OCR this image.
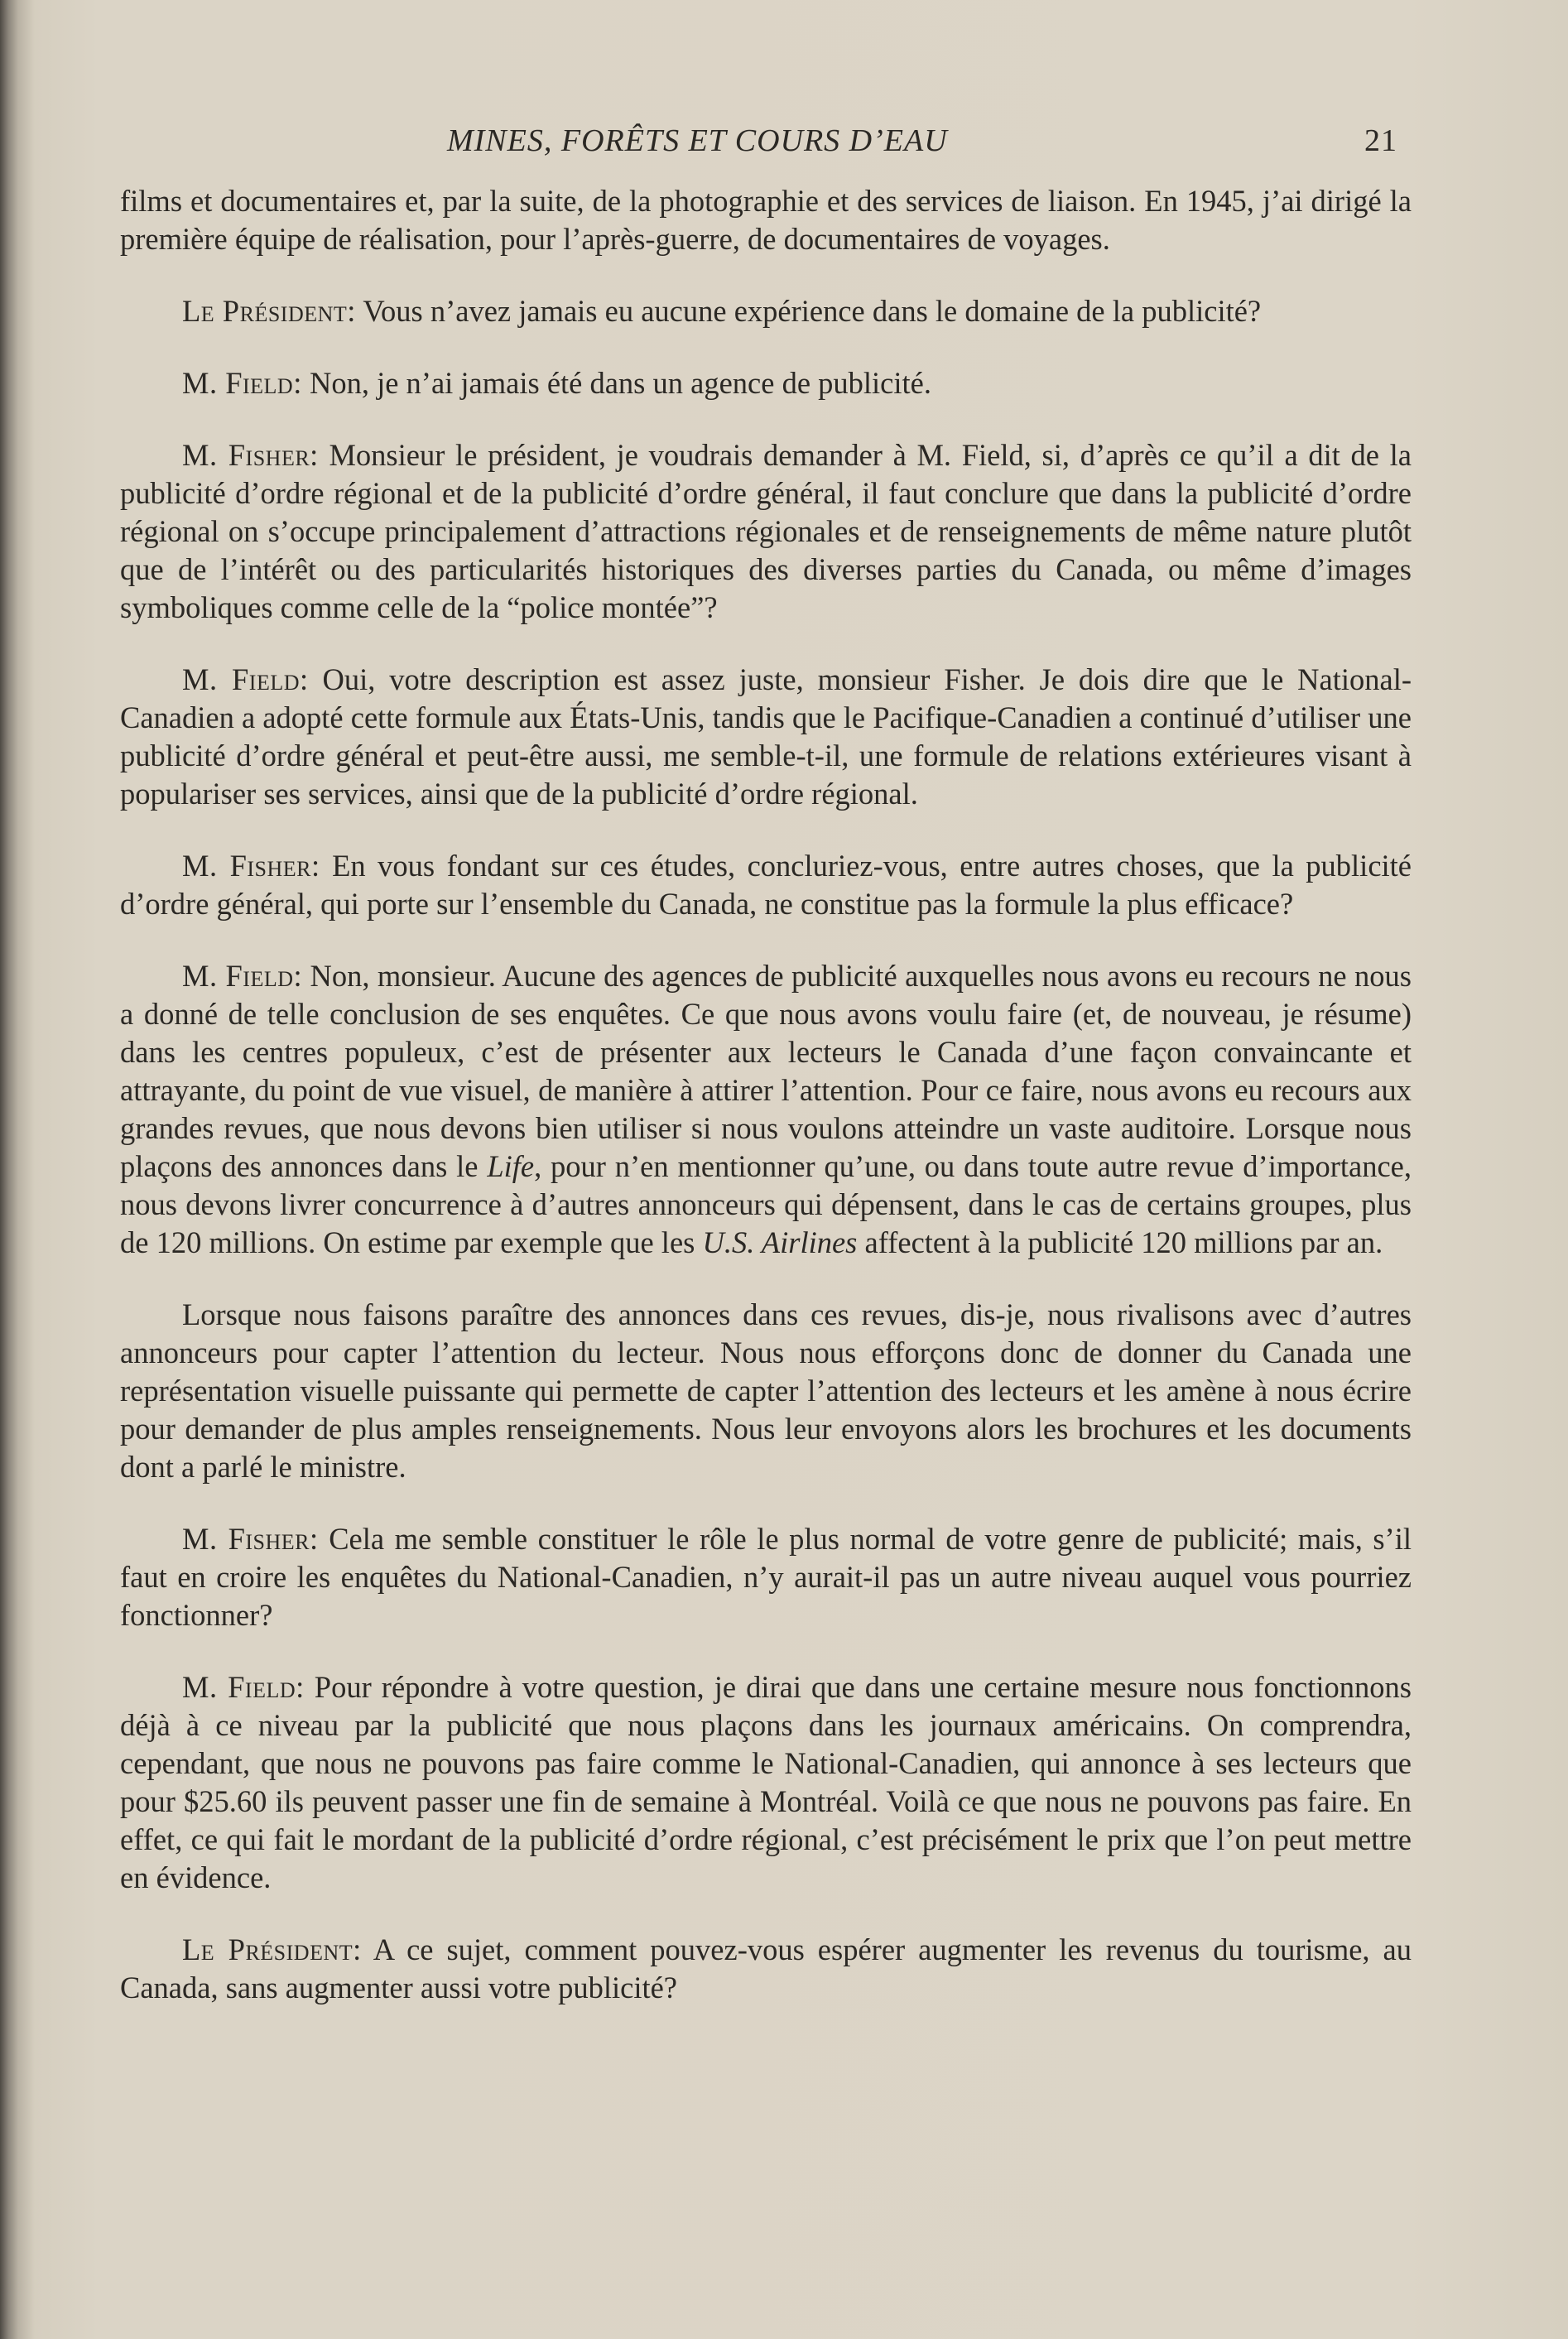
MINES, FORÊTS ET COURS D’EAU	21

films et documentaires et, par la suite, de la photographie et des services de liaison. En 1945, j’ai dirigé la première équipe de réalisation, pour l’après-guerre, de documentaires de voyages.

Le Président: Vous n’avez jamais eu aucune expérience dans le domaine de la publicité?

M. Field: Non, je n’ai jamais été dans un agence de publicité.

M. Fisher: Monsieur le président, je voudrais demander à M. Field, si, d’après ce qu’il a dit de la publicité d’ordre régional et de la publicité d’ordre général, il faut conclure que dans la publicité d’ordre régional on s’occupe principalement d’attractions régionales et de renseignements de même nature plutôt que de l’intérêt ou des particularités historiques des diverses parties du Canada, ou même d’images symboliques comme celle de la “police montée”?

M. Field: Oui, votre description est assez juste, monsieur Fisher. Je dois dire que le National-Canadien a adopté cette formule aux États-Unis, tandis que le Pacifique-Canadien a continué d’utiliser une publicité d’ordre général et peut-être aussi, me semble-t-il, une formule de relations extérieures visant à populariser ses services, ainsi que de la publicité d’ordre régional.

M. Fisher: En vous fondant sur ces études, concluriez-vous, entre autres choses, que la publicité d’ordre général, qui porte sur l’ensemble du Canada, ne constitue pas la formule la plus efficace?

M. Field: Non, monsieur. Aucune des agences de publicité auxquelles nous avons eu recours ne nous a donné de telle conclusion de ses enquêtes. Ce que nous avons voulu faire (et, de nouveau, je résume) dans les centres populeux, c’est de présenter aux lecteurs le Canada d’une façon convaincante et attrayante, du point de vue visuel, de manière à attirer l’attention. Pour ce faire, nous avons eu recours aux grandes revues, que nous devons bien utiliser si nous voulons atteindre un vaste auditoire. Lorsque nous plaçons des annonces dans le Life, pour n’en mentionner qu’une, ou dans toute autre revue d’importance, nous devons livrer concurrence à d’autres annonceurs qui dépensent, dans le cas de certains groupes, plus de 120 millions. On estime par exemple que les U.S. Airlines affectent à la publicité 120 millions par an.

Lorsque nous faisons paraître des annonces dans ces revues, dis-je, nous rivalisons avec d’autres annonceurs pour capter l’attention du lecteur. Nous nous efforçons donc de donner du Canada une représentation visuelle puissante qui permette de capter l’attention des lecteurs et les amène à nous écrire pour demander de plus amples renseignements. Nous leur envoyons alors les brochures et les documents dont a parlé le ministre.

M. Fisher: Cela me semble constituer le rôle le plus normal de votre genre de publicité; mais, s’il faut en croire les enquêtes du National-Canadien, n’y aurait-il pas un autre niveau auquel vous pourriez fonctionner?

M. Field: Pour répondre à votre question, je dirai que dans une certaine mesure nous fonctionnons déjà à ce niveau par la publicité que nous plaçons dans les journaux américains. On comprendra, cependant, que nous ne pouvons pas faire comme le National-Canadien, qui annonce à ses lecteurs que pour $25.60 ils peuvent passer une fin de semaine à Montréal. Voilà ce que nous ne pouvons pas faire. En effet, ce qui fait le mordant de la publicité d’ordre régional, c’est précisément le prix que l’on peut mettre en évidence.

Le Président: A ce sujet, comment pouvez-vous espérer augmenter les revenus du tourisme, au Canada, sans augmenter aussi votre publicité?
